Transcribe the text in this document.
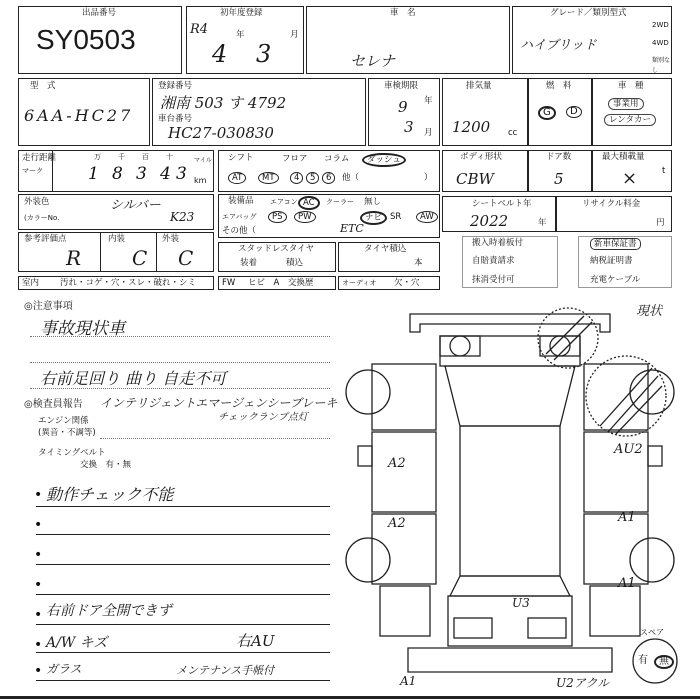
出品番号
SY0503
初年度登録
R4
4
年
3
月
車　名
セレナ
グレード／類別型式
ハイブリッド
2WD
4WD
類別なし
型　式
6AA-HC27
登録番号
湘南 503 す 4792
車台番号
HC27-030830
車検期限
9 年
3 月
排気量
1200 cc
燃　料
G	D
車　種
事業用
レンタカー
走行距離
マーク
万 千 百 十
1 8 3 4 3
マイル
km
シフト	フロア コラム	ダッシュ
AT	MT	4	5	6	他（	）
ボディ形状
CBW
ドア数
5
最大積載量
×	t
外装色
(カラーNo.
シルバー
K23
装備品 エアコン AC	クーラー 無し
エアバッグ	PS	PW	ナビ SR	AW
その他（	ETC
シートベルト年
2022	年
リサイクル料金
円
参考評価点
R
内装
C
外装
C	スタッドレスタイヤ
装着	積込
タイヤ積込
本
搬入時着板付
自賠責請求
抹消受付可
新車保証書
納税証明書
充電ケーブル
室内 汚れ・コゲ・穴・スレ・破れ・シミ	FW ヒビ　A　交換歴	オーディオ 欠・穴
◎注意事項
事故現状車
右前足回り 曲り 自走不可
◎検査員報告 インテリジェントエマージェンシーブレーキ
チェックランプ点灯
エンジン関係
(異音・不調等)
タイミングベルト
交換　有・無
• 動作チェック不能
•
•
•
• 右前ドア全開できず
• A/W キズ	右AU
• ガラス	メンテナンス手帳付
現状
AU2
A1
A1
A2
A2
U3
A1	U2アクル
スペア
有	無
